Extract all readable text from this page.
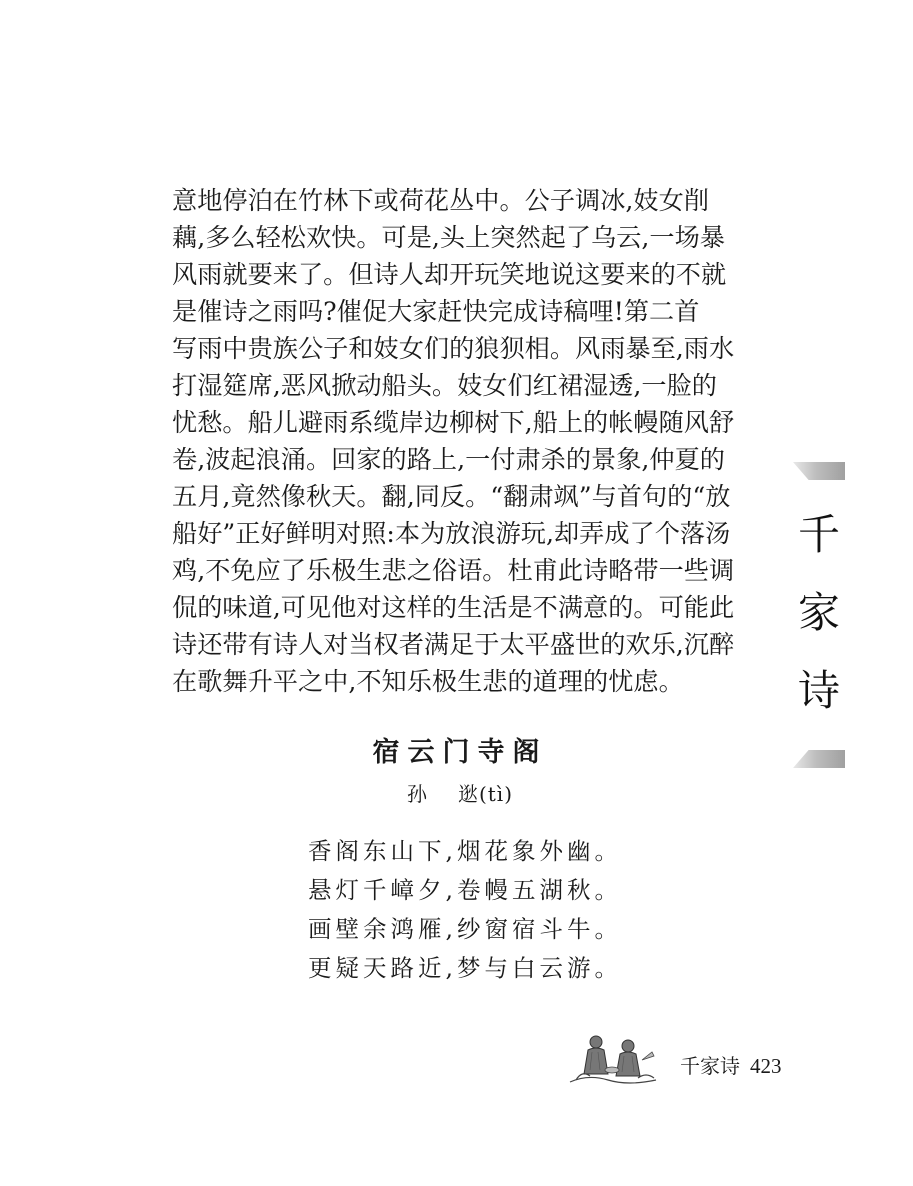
意地停泊在竹林下或荷花丛中。公子调冰,妓女削
藕,多么轻松欢快。可是,头上突然起了乌云,一场暴
风雨就要来了。但诗人却开玩笑地说这要来的不就
是催诗之雨吗?催促大家赶快完成诗稿哩!第二首
写雨中贵族公子和妓女们的狼狈相。风雨暴至,雨水
打湿筵席,恶风掀动船头。妓女们红裙湿透,一脸的
忧愁。船儿避雨系缆岸边柳树下,船上的帐幔随风舒
卷,波起浪涌。回家的路上,一付肃杀的景象,仲夏的
五月,竟然像秋天。翻,同反。“翻肃飒”与首句的“放
船好”正好鲜明对照:本为放浪游玩,却弄成了个落汤
鸡,不免应了乐极生悲之俗语。杜甫此诗略带一些调
侃的味道,可见他对这样的生活是不满意的。可能此
诗还带有诗人对当权者满足于太平盛世的欢乐,沉醉
在歌舞升平之中,不知乐极生悲的道理的忧虑。
宿云门寺阁
孙 逖(tì)
香阁东山下,烟花象外幽。
悬灯千嶂夕,卷幔五湖秋。
画壁余鸿雁,纱窗宿斗牛。
更疑天路近,梦与白云游。
千
家
诗
千家诗 423
